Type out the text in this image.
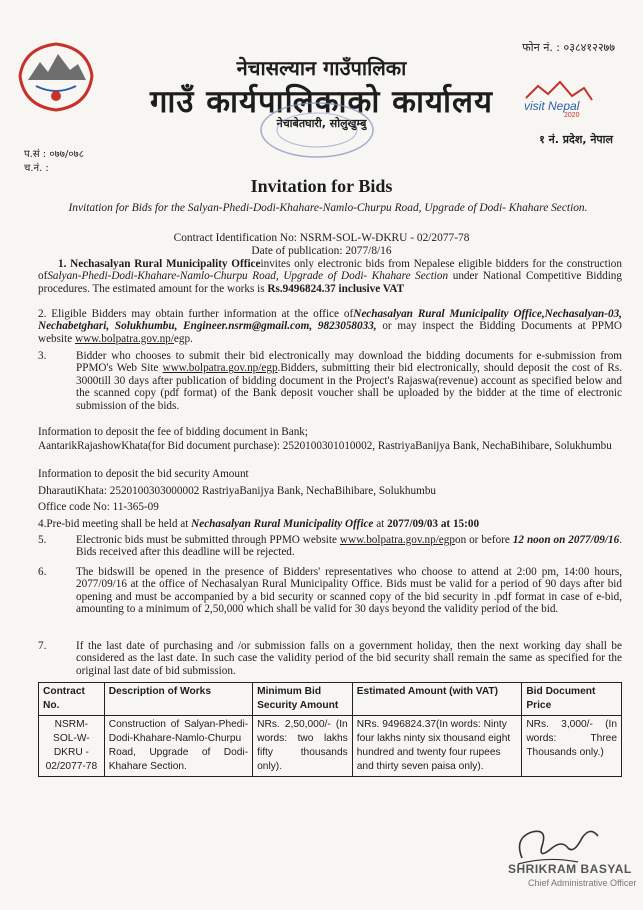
फोन नं. : ०३८४१२२७७
नेचासल्यान गाउँपालिका
गाउँ कार्यपालिकाको कार्यालय
नेचाबेतघारी, सोलुखुम्बु
visit Nepal
2020
१ नं. प्रदेश, नेपाल
प.सं : ०७७/०७८
च.नं. :
Invitation for Bids
Invitation for Bids for the Salyan-Phedi-Dodi-Khahare-Namlo-Churpu Road, Upgrade of Dodi- Khahare Section.
Contract Identification No: NSRM-SOL-W-DKRU - 02/2077-78
Date of publication: 2077/8/16
1. Nechasalyan Rural Municipality Officeinvites only electronic bids from Nepalese eligible bidders for the construction ofSalyan-Phedi-Dodi-Khahare-Namlo-Churpu Road, Upgrade of Dodi- Khahare Section under National Competitive Bidding procedures. The estimated amount for the works is Rs.9496824.37 inclusive VAT
2. Eligible Bidders may obtain further information at the office ofNechasalyan Rural Municipality Office,Nechasalyan-03, Nechabetghari, Solukhumbu, Engineer.nsrm@gmail.com, 9823058033, or may inspect the Bidding Documents at PPMO website www.bolpatra.gov.np/egp.
3.	Bidder who chooses to submit their bid electronically may download the bidding documents for e-submission from PPMO's Web Site www.bolpatra.gov.np/egp.Bidders, submitting their bid electronically, should deposit the cost of Rs. 3000till 30 days after publication of bidding document in the Project's Rajaswa(revenue) account as specified below and the scanned copy (pdf format) of the Bank deposit voucher shall be uploaded by the bidder at the time of electronic submission of the bids.
Information to deposit the fee of bidding document in Bank;
AantarikRajashowKhata(for Bid document purchase): 2520100301010002, RastriyaBanijya Bank, NechaBihibare, Solukhumbu
Information to deposit the bid security Amount
DharautiKhata: 2520100303000002 RastriyaBanijya Bank, NechaBihibare, Solukhumbu
Office code No: 11-365-09
4.Pre-bid meeting shall be held at Nechasalyan Rural Municipality Office at 2077/09/03 at 15:00
5.	Electronic bids must be submitted through PPMO website www.bolpatra.gov.np/egpon or before 12 noon on 2077/09/16. Bids received after this deadline will be rejected.
6.	The bidswill be opened in the presence of Bidders' representatives who choose to attend at 2:00 pm, 14:00 hours, 2077/09/16 at the office of Nechasalyan Rural Municipality Office. Bids must be valid for a period of 90 days after bid opening and must be accompanied by a bid security or scanned copy of the bid security in .pdf format in case of e-bid, amounting to a minimum of 2,50,000 which shall be valid for 30 days beyond the validity period of the bid.
7.	If the last date of purchasing and /or submission falls on a government holiday, then the next working day shall be considered as the last date. In such case the validity period of the bid security shall remain the same as specified for the original last date of bid submission.
Contract No.	Description of Works	Minimum Bid Security Amount	Estimated Amount (with VAT)	Bid Document Price
NSRM-SOL-W-DKRU - 02/2077-78	Construction of Salyan-Phedi-Dodi-Khahare-Namlo-Churpu Road, Upgrade of Dodi- Khahare Section.	NRs. 2,50,000/- (In words: two lakhs fifty thousands only).	NRs. 9496824.37(In words: Ninty four lakhs ninty six thousand eight hundred and twenty four rupees and thirty seven paisa only).	NRs. 3,000/- (In words: Three Thousands only.)
SHRIKRAM BASYAL
Chief Administrative Officer
